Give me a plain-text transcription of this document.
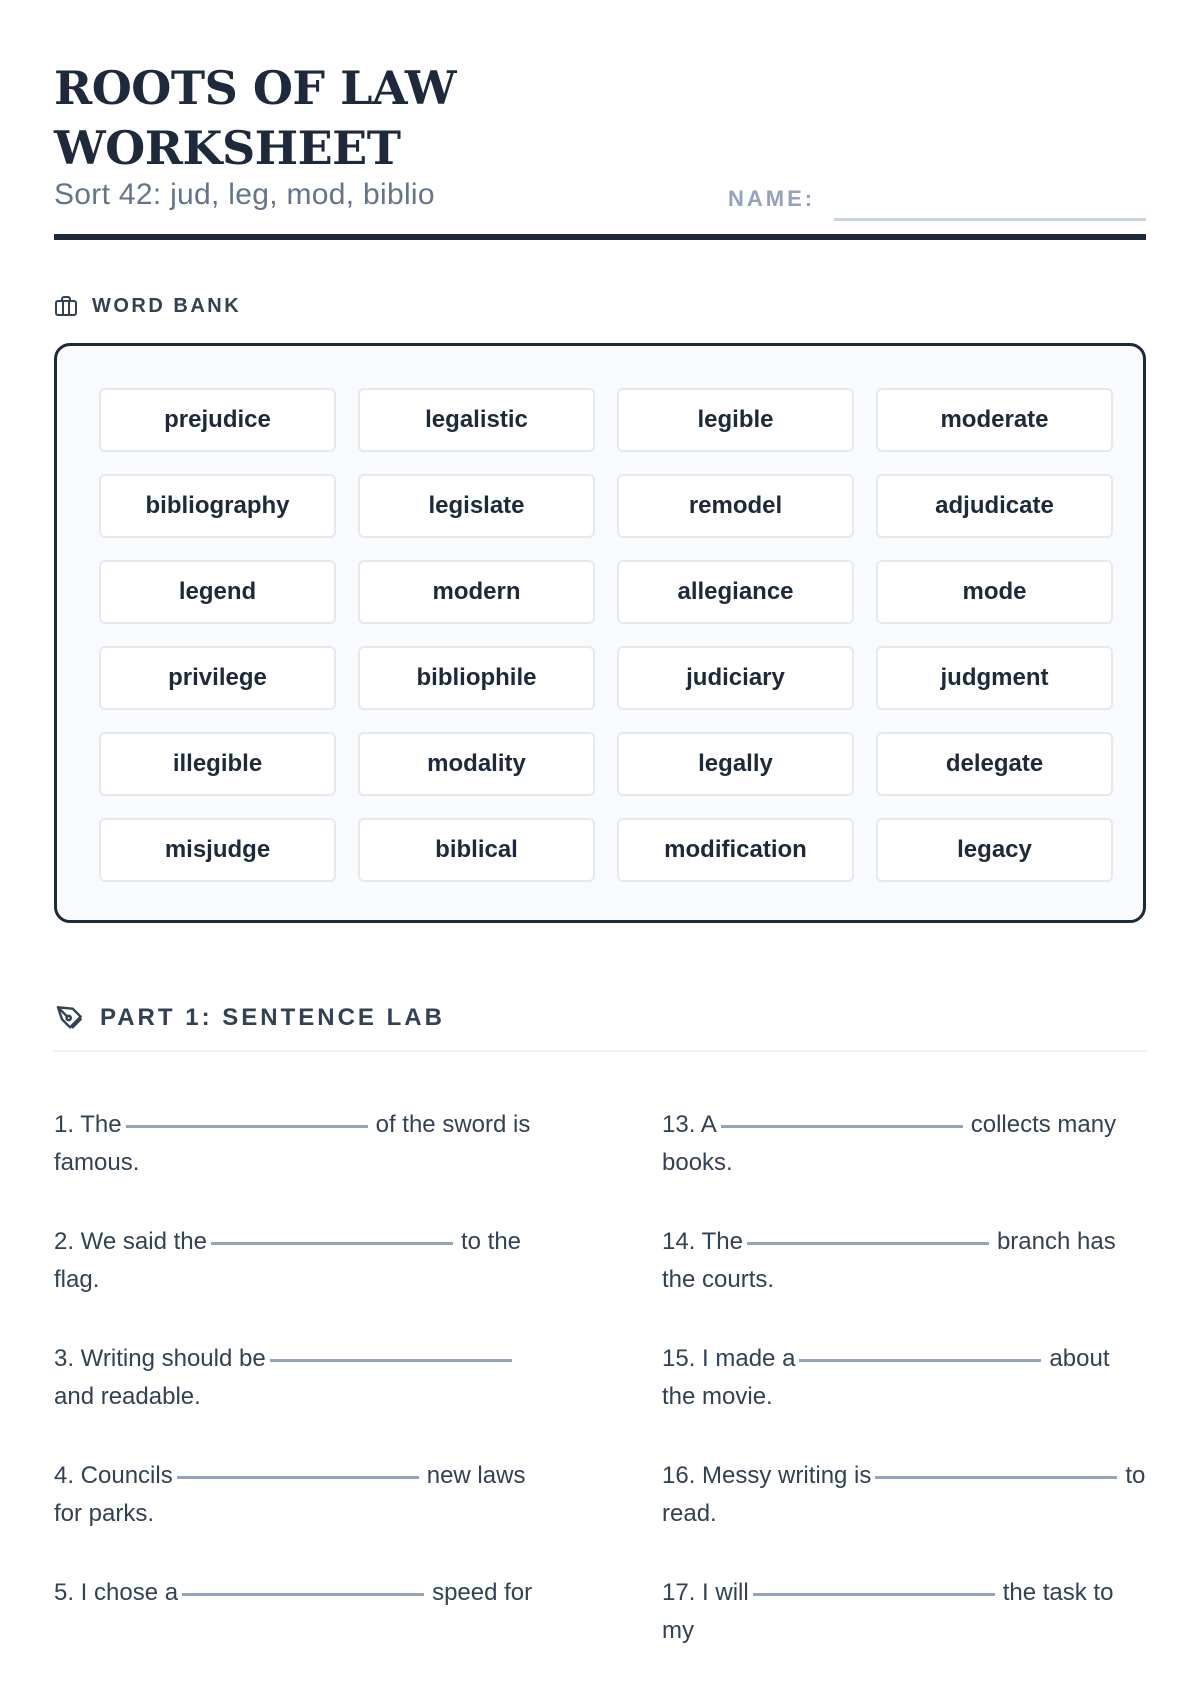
ROOTS OF LAW WORKSHEET
Sort 42: jud, leg, mod, biblio	NAME:
WORD BANK
prejudice	legalistic	legible	moderate
bibliography	legislate	remodel	adjudicate
legend	modern	allegiance	mode
privilege	bibliophile	judiciary	judgment
illegible	modality	legally	delegate
misjudge	biblical	modification	legacy
PART 1: SENTENCE LAB
1. The	of the sword is famous.
2. We said the	to the flag.
3. Writing should beand readable.
4. Councils	new laws for parks.
5. I chose a	speed for
13. A	collects many books.
14. The	branch has the courts.
15. I made a	about the movie.
16. Messy writing is	to read.
17. I will	the task to my
